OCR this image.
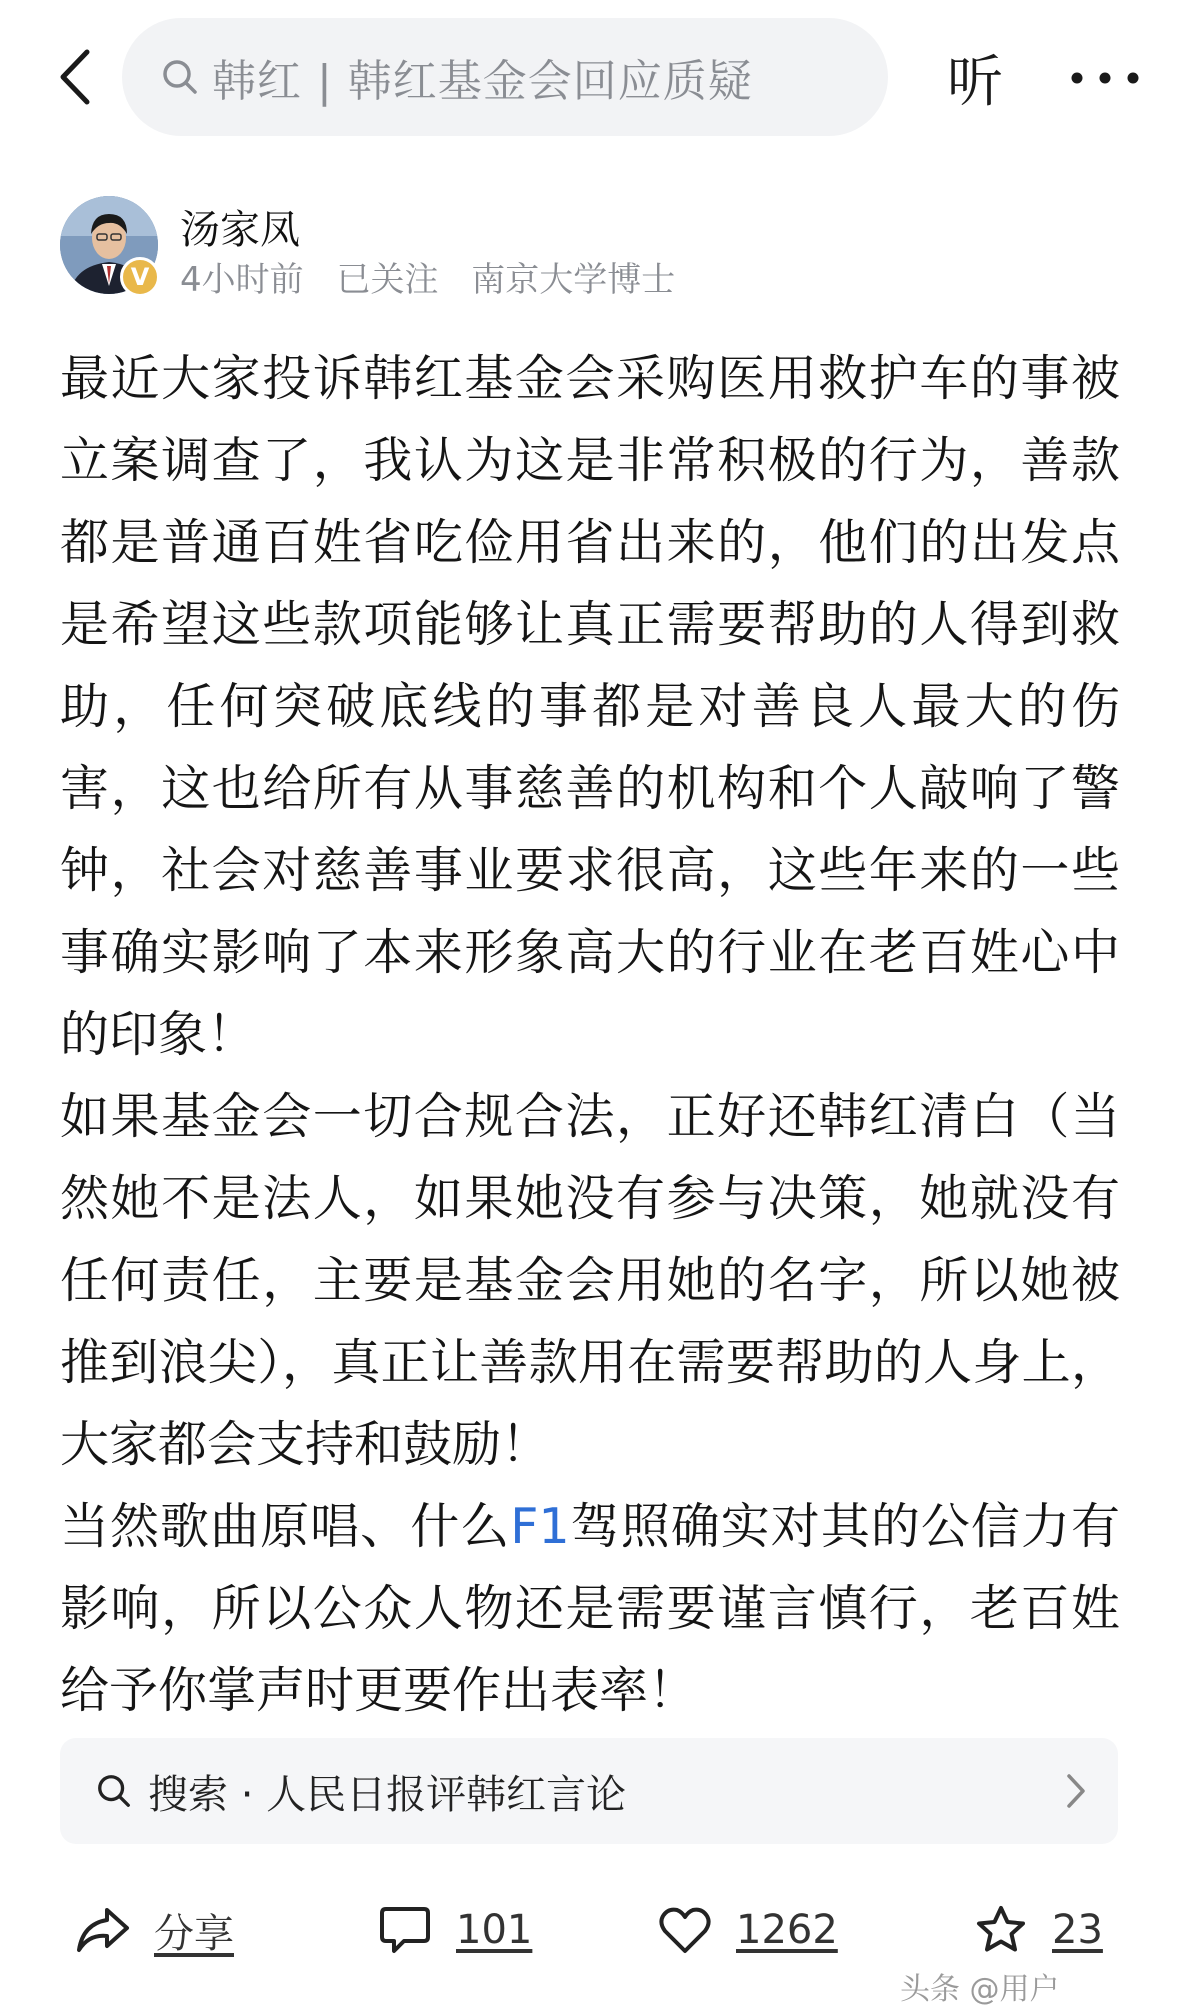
韩红 | 韩红基金会回应质疑	听
V
汤家凤
4小时前 已关注 南京大学博士

最近大家投诉韩红基金会采购医用救护车的事被立案调查了，我认为这是非常积极的行为，善款都是普通百姓省吃俭用省出来的，他们的出发点是希望这些款项能够让真正需要帮助的人得到救助，任何突破底线的事都是对善良人最大的伤害，这也给所有从事慈善的机构和个人敲响了警钟，社会对慈善事业要求很高，这些年来的一些事确实影响了本来形象高大的行业在老百姓心中的印象！

如果基金会一切合规合法，正好还韩红清白（当然她不是法人，如果她没有参与决策，她就没有任何责任，主要是基金会用她的名字，所以她被推到浪尖），真正让善款用在需要帮助的人身上，大家都会支持和鼓励！

当然歌曲原唱、什么F1驾照确实对其的公信力有影响，所以公众人物还是需要谨言慎行，老百姓给予你掌声时更要作出表率！

搜索 · 人民日报评韩红言论
分享	101	1262	23
头条 @用户
